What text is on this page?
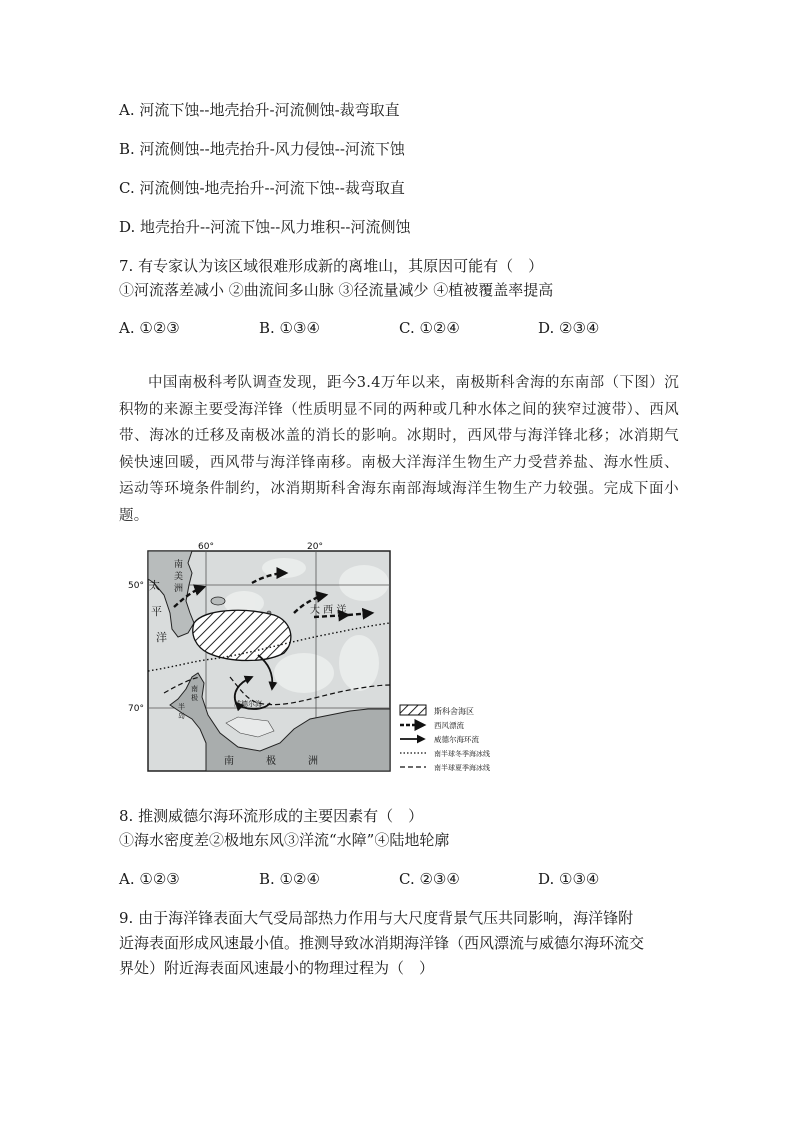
A. 河流下蚀--地壳抬升-河流侧蚀-裁弯取直
B. 河流侧蚀--地壳抬升-风力侵蚀--河流下蚀
C. 河流侧蚀-地壳抬升--河流下蚀--裁弯取直
D. 地壳抬升--河流下蚀--风力堆积--河流侧蚀
7. 有专家认为该区域很难形成新的离堆山，其原因可能有（　）
①河流落差减小 ②曲流间多山脉 ③径流量减少 ④植被覆盖率提高
A. ①②③	B. ①③④	C. ①②④	D. ②③④
中国南极科考队调查发现，距今3.4万年以来，南极斯科舍海的东南部（下图）沉积物的来源主要受海洋锋（性质明显不同的两种或几种水体之间的狭窄过渡带）、西风带、海冰的迁移及南极冰盖的消长的影响。冰期时，西风带与海洋锋北移；冰消期气候快速回暖，西风带与海洋锋南移。南极大洋海洋生物生产力受营养盐、海水性质、运动等环境条件制约，冰消期斯科舍海东南部海域海洋生物生产力较强。完成下面小题。
60°	20°
50°
70°
太
平
洋
南
美
洲
大 西 洋
南
极
半
岛
威德尔海
南	极	洲
斯科舍海区
西风漂流
威德尔海环流
南半球冬季海冰线
南半球夏季海冰线
8. 推测威德尔海环流形成的主要因素有（　）
①海水密度差②极地东风③洋流“水障”④陆地轮廓
A. ①②③	B. ①②④	C. ②③④	D. ①③④
9. 由于海洋锋表面大气受局部热力作用与大尺度背景气压共同影响，海洋锋附
近海表面形成风速最小值。推测导致冰消期海洋锋（西风漂流与威德尔海环流交
界处）附近海表面风速最小的物理过程为（　）
